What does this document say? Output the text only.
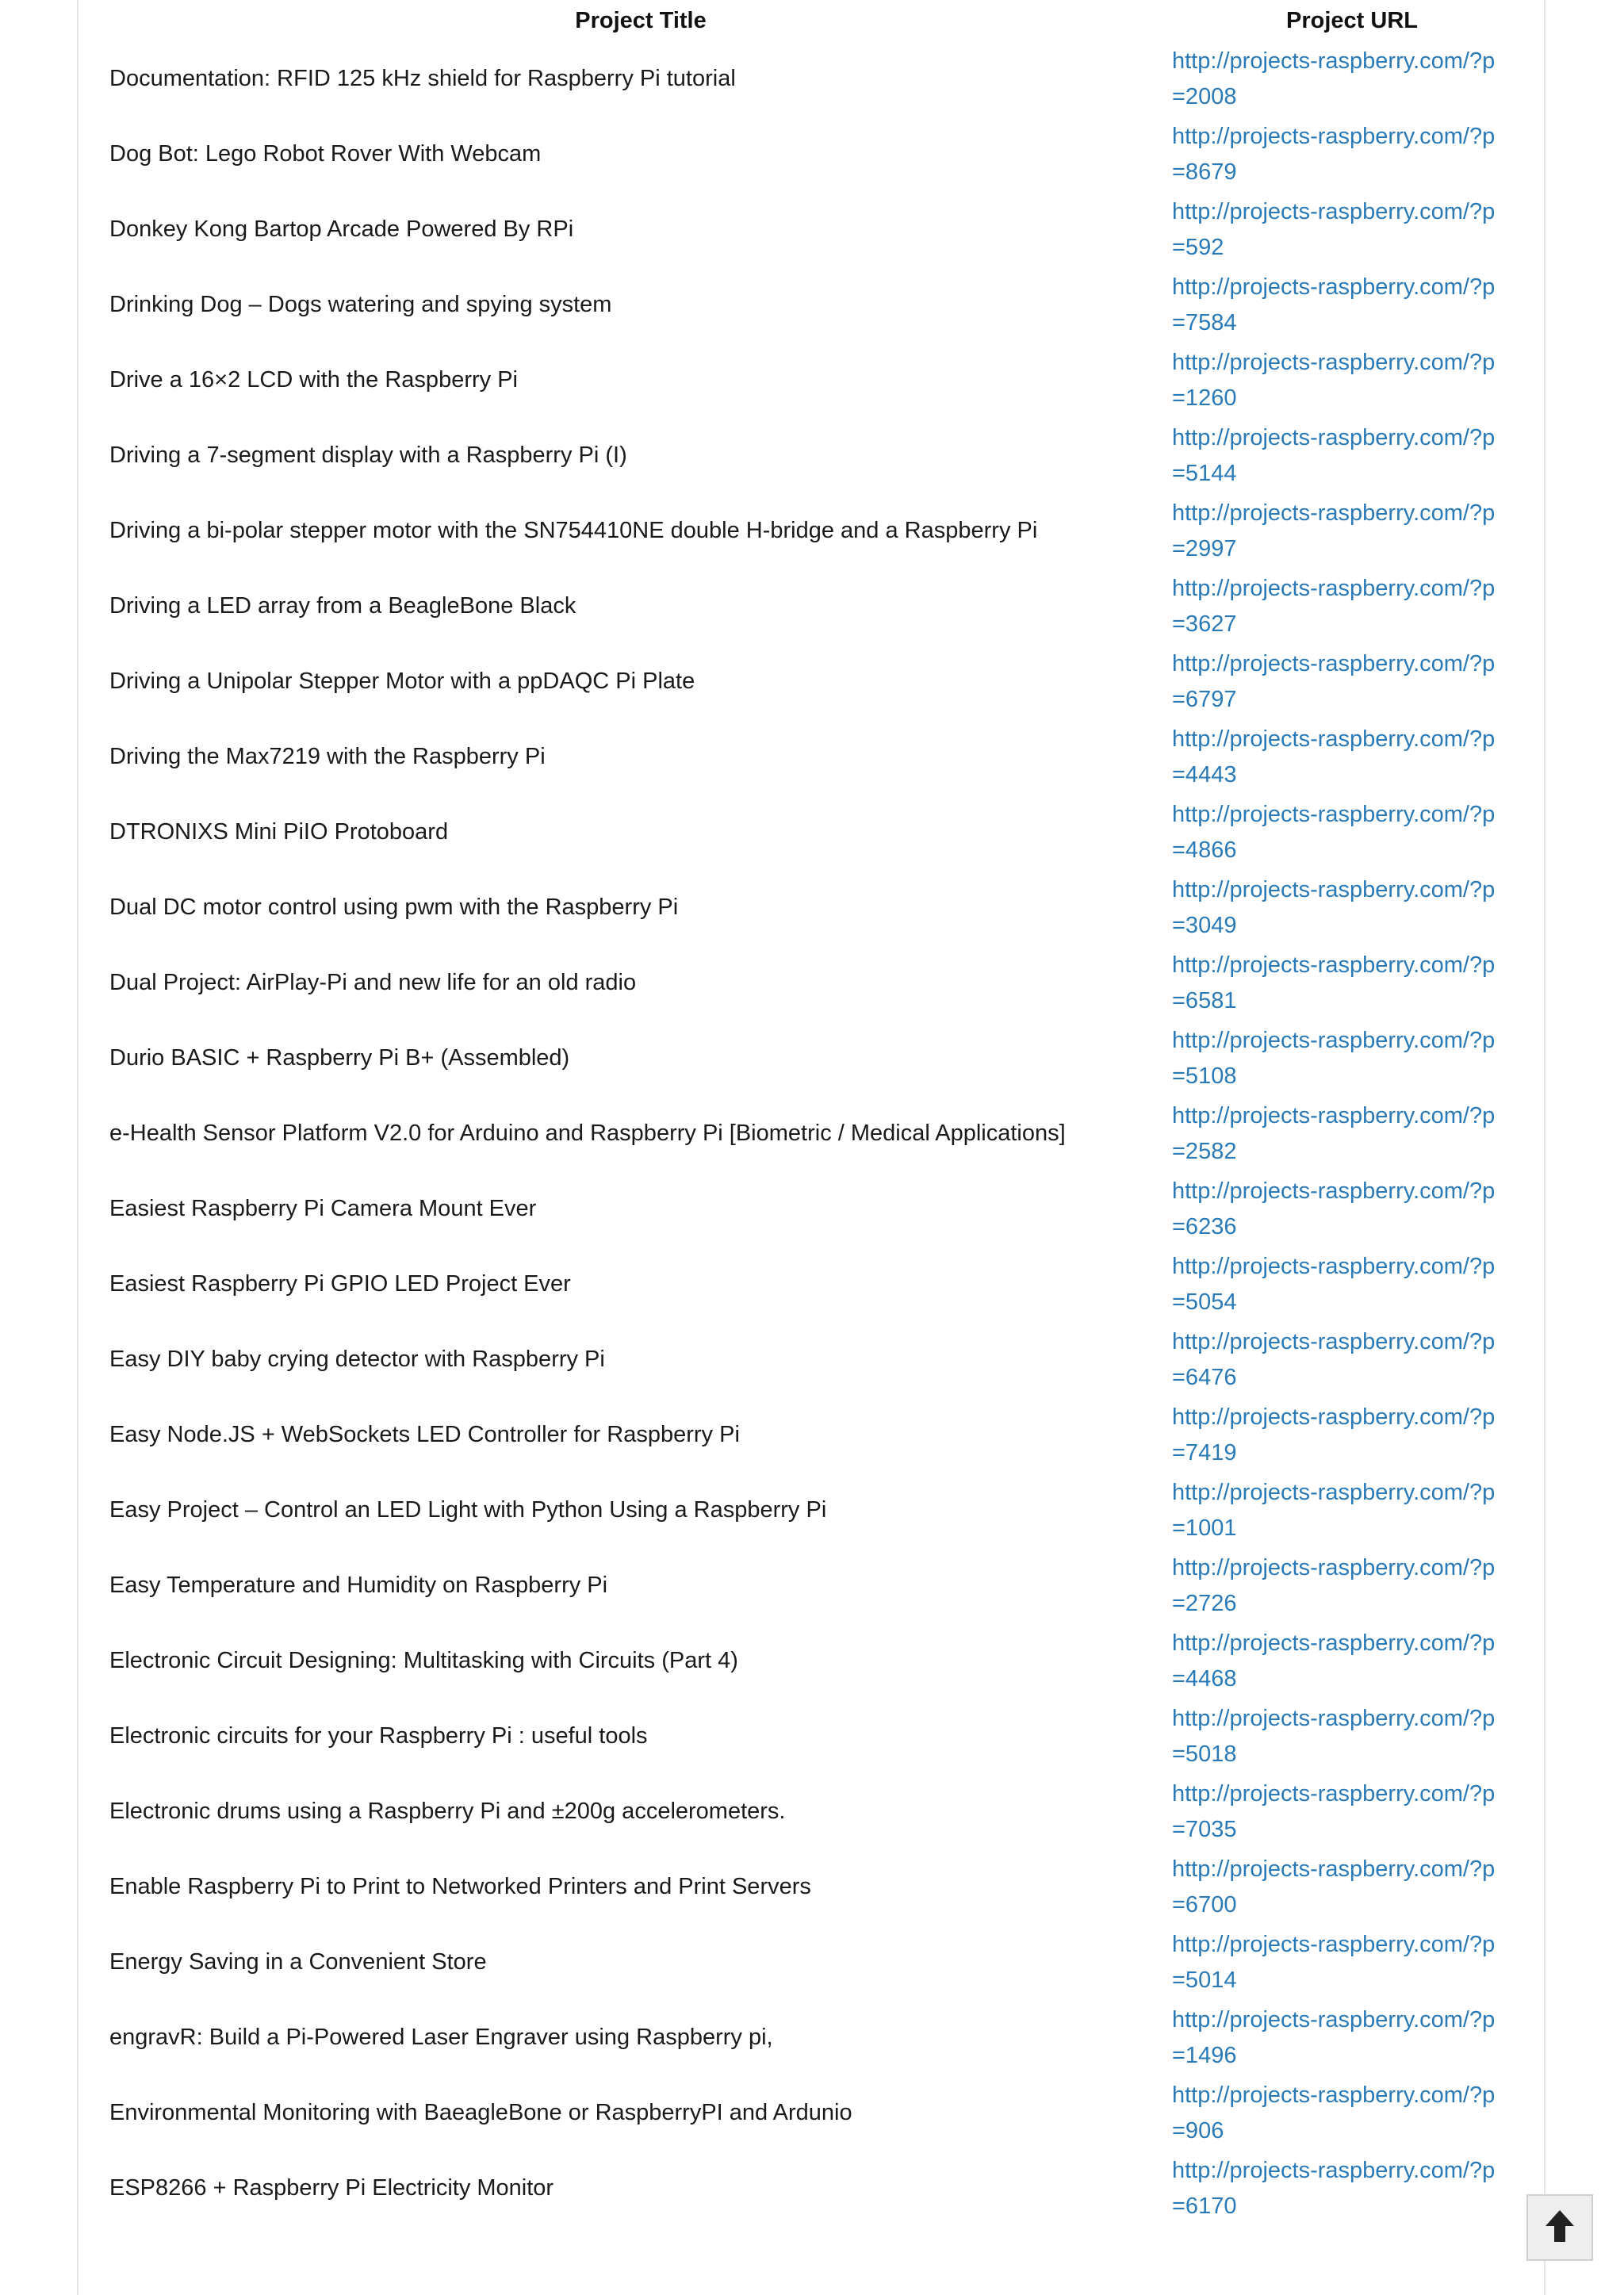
Project Title	Project URL
Documentation: RFID 125 kHz shield for Raspberry Pi tutorial	http://projects-raspberry.com/?p=2008

Dog Bot: Lego Robot Rover With Webcam	http://projects-raspberry.com/?p=8679

Donkey Kong Bartop Arcade Powered By RPi	http://projects-raspberry.com/?p=592

Drinking Dog – Dogs watering and spying system	http://projects-raspberry.com/?p=7584

Drive a 16×2 LCD with the Raspberry Pi	http://projects-raspberry.com/?p=1260

Driving a 7-segment display with a Raspberry Pi (I)	http://projects-raspberry.com/?p=5144

Driving a bi-polar stepper motor with the SN754410NE double H-bridge and a Raspberry Pi	http://projects-raspberry.com/?p=2997

Driving a LED array from a BeagleBone Black	http://projects-raspberry.com/?p=3627

Driving a Unipolar Stepper Motor with a ppDAQC Pi Plate	http://projects-raspberry.com/?p=6797

Driving the Max7219 with the Raspberry Pi	http://projects-raspberry.com/?p=4443

DTRONIXS Mini PiIO Protoboard	http://projects-raspberry.com/?p=4866

Dual DC motor control using pwm with the Raspberry Pi	http://projects-raspberry.com/?p=3049

Dual Project: AirPlay-Pi and new life for an old radio	http://projects-raspberry.com/?p=6581

Durio BASIC + Raspberry Pi B+ (Assembled)	http://projects-raspberry.com/?p=5108

e-Health Sensor Platform V2.0 for Arduino and Raspberry Pi [Biometric / Medical Applications]	http://projects-raspberry.com/?p=2582

Easiest Raspberry Pi Camera Mount Ever	http://projects-raspberry.com/?p=6236

Easiest Raspberry Pi GPIO LED Project Ever	http://projects-raspberry.com/?p=5054

Easy DIY baby crying detector with Raspberry Pi	http://projects-raspberry.com/?p=6476

Easy Node.JS + WebSockets LED Controller for Raspberry Pi	http://projects-raspberry.com/?p=7419

Easy Project – Control an LED Light with Python Using a Raspberry Pi	http://projects-raspberry.com/?p=1001

Easy Temperature and Humidity on Raspberry Pi	http://projects-raspberry.com/?p=2726

Electronic Circuit Designing: Multitasking with Circuits (Part 4)	http://projects-raspberry.com/?p=4468

Electronic circuits for your Raspberry Pi : useful tools	http://projects-raspberry.com/?p=5018

Electronic drums using a Raspberry Pi and ±200g accelerometers.	http://projects-raspberry.com/?p=7035

Enable Raspberry Pi to Print to Networked Printers and Print Servers	http://projects-raspberry.com/?p=6700

Energy Saving in a Convenient Store	http://projects-raspberry.com/?p=5014

engravR: Build a Pi-Powered Laser Engraver using Raspberry pi,	http://projects-raspberry.com/?p=1496

Environmental Monitoring with BaeagleBone or RaspberryPI and Ardunio	http://projects-raspberry.com/?p=906

ESP8266 + Raspberry Pi Electricity Monitor	http://projects-raspberry.com/?p=6170
